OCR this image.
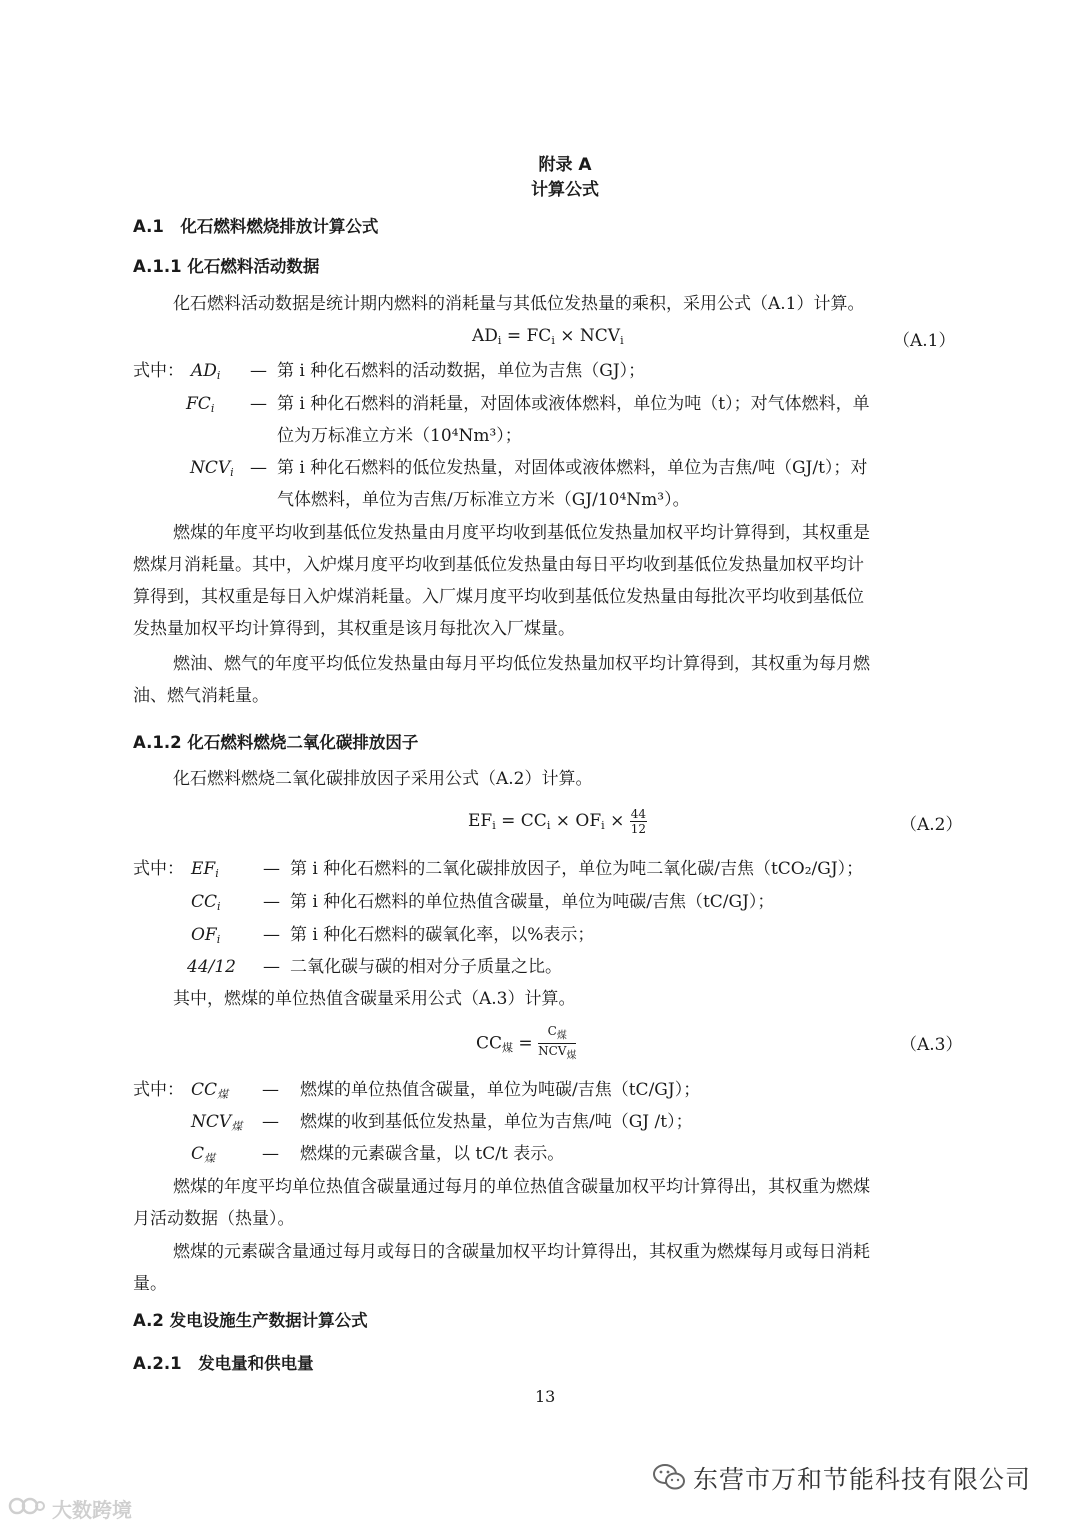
附录 A
计算公式
A.1　化石燃料燃烧排放计算公式
A.1.1 化石燃料活动数据
化石燃料活动数据是统计期内燃料的消耗量与其低位发热量的乘积，采用公式（A.1）计算。
$AD_i = FC_i \times NCV_i$	（A.1）
式中： $AD_i$ — 第 i 种化石燃料的活动数据，单位为吉焦（GJ）；
$FC_i$ — 第 i 种化石燃料的消耗量，对固体或液体燃料，单位为吨（t）；对气体燃料，单
位为万标准立方米（10⁴Nm³）；
$NCV_i$ — 第 i 种化石燃料的低位发热量，对固体或液体燃料，单位为吉焦/吨（GJ/t）；对
气体燃料，单位为吉焦/万标准立方米（GJ/10⁴Nm³）。
燃煤的年度平均收到基低位发热量由月度平均收到基低位发热量加权平均计算得到，其权重是
燃煤月消耗量。其中，入炉煤月度平均收到基低位发热量由每日平均收到基低位发热量加权平均计
算得到，其权重是每日入炉煤消耗量。入厂煤月度平均收到基低位发热量由每批次平均收到基低位
发热量加权平均计算得到，其权重是该月每批次入厂煤量。
燃油、燃气的年度平均低位发热量由每月平均低位发热量加权平均计算得到，其权重为每月燃
油、燃气消耗量。
A.1.2 化石燃料燃烧二氧化碳排放因子
化石燃料燃烧二氧化碳排放因子采用公式（A.2）计算。
$EF_i = CC_i \times OF_i \times \frac{44}{12}$	（A.2）
式中： $EF_i$	— 第 i 种化石燃料的二氧化碳排放因子，单位为吨二氧化碳/吉焦（tCO₂/GJ）；
$CC_i$ — 第 i 种化石燃料的单位热值含碳量，单位为吨碳/吉焦（tC/GJ）；
$OF_i$	— 第 i 种化石燃料的碳氧化率，以%表示；
44/12 — 二氧化碳与碳的相对分子质量之比。
其中，燃煤的单位热值含碳量采用公式（A.3）计算。
$CC_煤 = \frac{C_煤}{NCV_煤}$	（A.3）
式中： $CC_煤$ — 燃煤的单位热值含碳量，单位为吨碳/吉焦（tC/GJ）；
$NCV_煤$ — 燃煤的收到基低位发热量，单位为吉焦/吨（GJ /t）；
$C_煤$	— 燃煤的元素碳含量，以 tC/t 表示。
燃煤的年度平均单位热值含碳量通过每月的单位热值含碳量加权平均计算得出，其权重为燃煤
月活动数据（热量）。
燃煤的元素碳含量通过每月或每日的含碳量加权平均计算得出，其权重为燃煤每月或每日消耗
量。
A.2 发电设施生产数据计算公式
A.2.1　发电量和供电量
13
东营市万和节能科技有限公司
大数跨境
